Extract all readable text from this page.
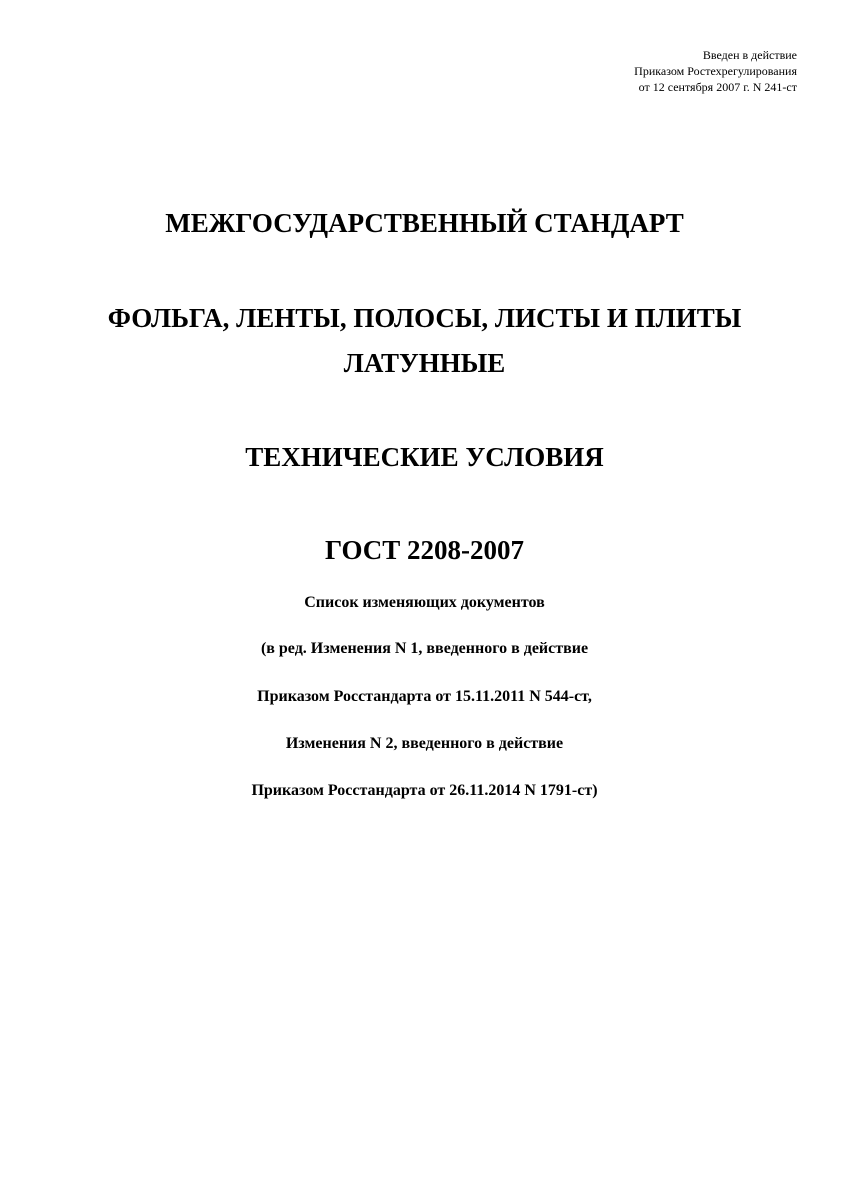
Введен в действие
Приказом Ростехрегулирования
от 12 сентября 2007 г. N 241-ст
МЕЖГОСУДАРСТВЕННЫЙ СТАНДАРТ
ФОЛЬГА, ЛЕНТЫ, ПОЛОСЫ, ЛИСТЫ И ПЛИТЫ
ЛАТУННЫЕ
ТЕХНИЧЕСКИЕ УСЛОВИЯ
ГОСТ 2208-2007
Список изменяющих документов
(в ред. Изменения N 1, введенного в действие
Приказом Росстандарта от 15.11.2011 N 544-ст,
Изменения N 2, введенного в действие
Приказом Росстандарта от 26.11.2014 N 1791-ст)
